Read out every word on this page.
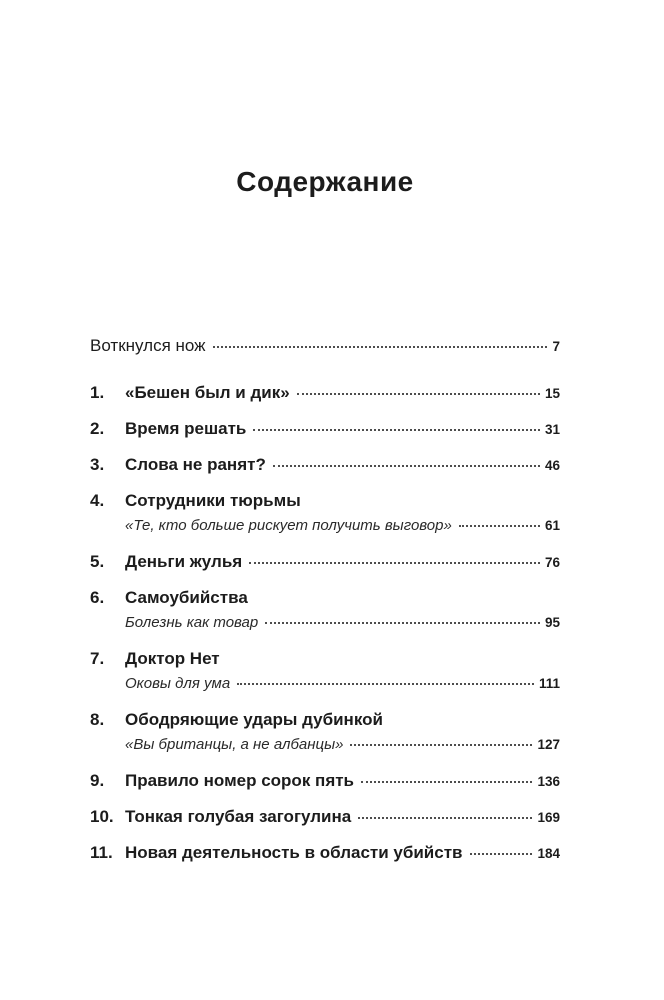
Содержание
Воткнулся нож	7
1.	«Бешен был и дик»	15
2.	Время решать	31
3.	Слова не ранят?	46
4.	Сотрудники тюрьмы
«Те, кто больше рискует получить выговор»	61
5.	Деньги жулья	76
6.	Самоубийства
Болезнь как товар	95
7.	Доктор Нет
Оковы для ума	111
8.	Ободряющие удары дубинкой
«Вы британцы, а не албанцы»	127
9.	Правило номер сорок пять	136
10. Тонкая голубая загогулина	169
11. Новая деятельность в области убийств	184
